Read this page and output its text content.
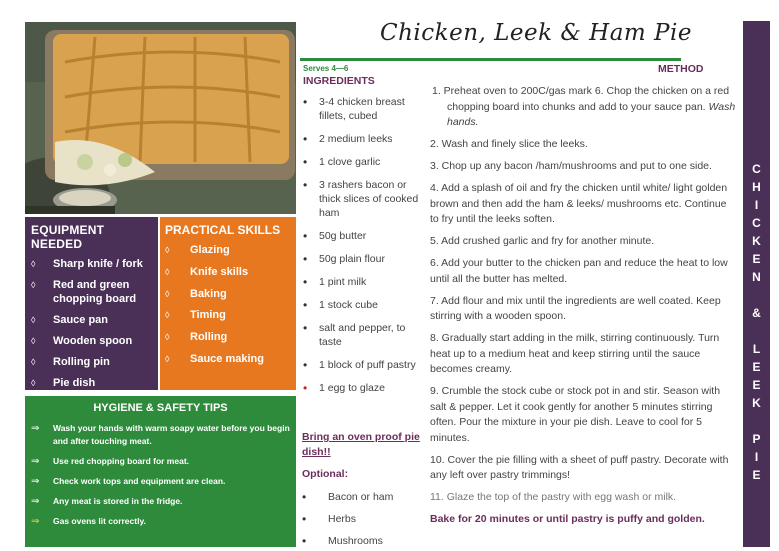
EQUIPMENT NEEDED
◊ Sharp knife / fork
◊ Red and green chopping board
◊ Sauce pan
◊ Wooden spoon
◊ Rolling pin
◊ Pie dish
PRACTICAL SKILLS
◊ Glazing
◊ Knife skills
◊ Baking
◊ Timing
◊ Rolling
◊ Sauce making
HYGIENE & SAFETY TIPS
⇒ Wash your hands with warm soapy water before you begin and after touching meat.
⇒ Use red chopping board for meat.
⇒ Check work tops and equipment are clean.
⇒ Any meat is stored in the fridge.
⇒ Gas ovens lit correctly.
Chicken, Leek & Ham Pie
Serves 4—6
INGREDIENTS
• 3-4 chicken breast fillets, cubed
• 2 medium leeks
• 1 clove garlic
• 3 rashers bacon or thick slices of cooked ham
• 50g butter
• 50g plain flour
• 1 pint milk
• 1 stock cube
• salt and pepper, to taste
• 1 block of puff pastry
• 1 egg to glaze
Bring an oven proof pie dish!!
Optional:
• Bacon or ham
• Herbs
• Mushrooms
METHOD

1. Preheat oven to 200C/gas mark 6. Chop the chicken on a red chopping board into chunks and add to your sauce pan. Wash hands.

2. Wash and finely slice the leeks.

3. Chop up any bacon /ham/mushrooms and put to one side.

4. Add a splash of oil and fry the chicken until white/ light golden brown and then add the ham & leeks/ mushrooms etc. Continue to fry until the leeks soften.

5. Add crushed garlic and fry for another minute.

6. Add your butter to the chicken pan and reduce the heat to low until all the butter has melted.

7. Add flour and mix until the ingredients are well coated. Keep stirring with a wooden spoon.

8. Gradually start adding in the milk, stirring continuously. Turn heat up to a medium heat and keep stirring until the sauce becomes creamy.

9. Crumble the stock cube or stock pot in and stir. Season with salt & pepper. Let it cook gently for another 5 minutes stirring often. Pour the mixture in your pie dish. Leave to cool for 5 minutes.

10. Cover the pie filling with a sheet of puff pastry. Decorate with any left over pastry trimmings!

11. Glaze the top of the pastry with egg wash or milk.

Bake for 20 minutes or until pastry is puffy and golden.

C
H
I
C
K
E
N

&

L
E
E
K

P
I
E
